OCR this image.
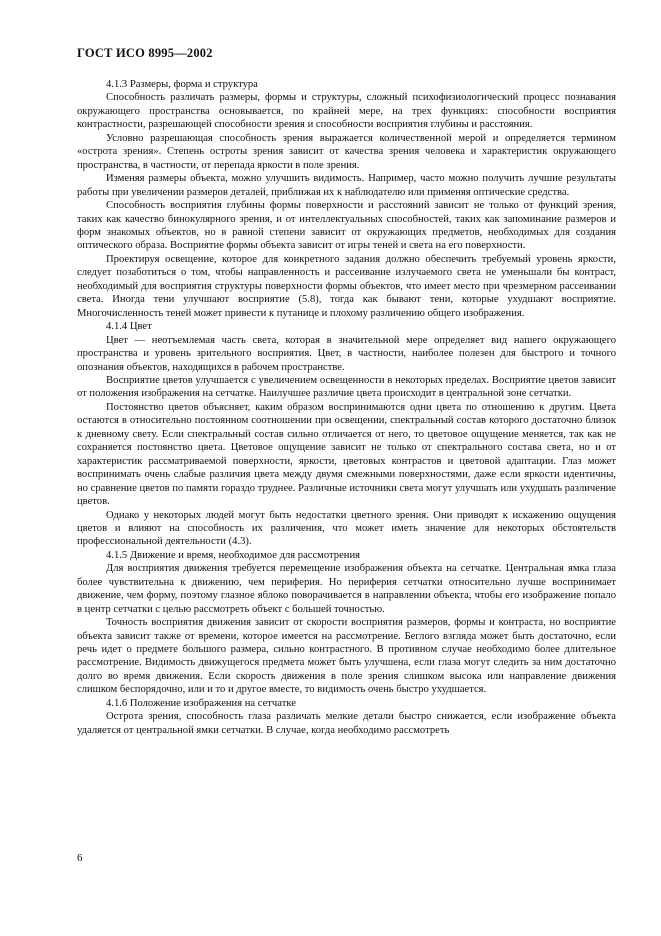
ГОСТ ИСО 8995—2002

4.1.3 Размеры, форма и структура

Способность различать размеры, формы и структуры, сложный психофизиологический процесс познавания окружающего пространства основывается, по крайней мере, на трех функциях: способности восприятия контрастности, разрешающей способности зрения и способности восприятия глубины и расстояния.

Условно разрешающая способность зрения выражается количественной мерой и определяется термином «острота зрения». Степень остроты зрения зависит от качества зрения человека и характеристик окружающего пространства, в частности, от перепада яркости в поле зрения.

Изменяя размеры объекта, можно улучшить видимость. Например, часто можно получить лучшие результаты работы при увеличении размеров деталей, приближая их к наблюдателю или применяя оптические средства.

Способность восприятия глубины формы поверхности и расстояний зависит не только от функций зрения, таких как качество бинокулярного зрения, и от интеллектуальных способностей, таких как запоминание размеров и форм знакомых объектов, но в равной степени зависит от окружающих предметов, необходимых для создания оптического образа. Восприятие формы объекта зависит от игры теней и света на его поверхности.

Проектируя освещение, которое для конкретного задания должно обеспечить требуемый уровень яркости, следует позаботиться о том, чтобы направленность и рассеивание излучаемого света не уменьшали бы контраст, необходимый для восприятия структуры поверхности формы объектов, что имеет место при чрезмерном рассеивании света. Иногда тени улучшают восприятие (5.8), тогда как бывают тени, которые ухудшают восприятие. Многочисленность теней может привести к путанице и плохому различению общего изображения.

4.1.4 Цвет

Цвет — неотъемлемая часть света, которая в значительной мере определяет вид нашего окружающего пространства и уровень зрительного восприятия. Цвет, в частности, наиболее полезен для быстрого и точного опознания объектов, находящихся в рабочем пространстве.

Восприятие цветов улучшается с увеличением освещенности в некоторых пределах. Восприятие цветов зависит от положения изображения на сетчатке. Наилучшее различие цвета происходит в центральной зоне сетчатки.

Постоянство цветов объясняет, каким образом воспринимаются одни цвета по отношению к другим. Цвета остаются в относительно постоянном соотношении при освещении, спектральный состав которого достаточно близок к дневному свету. Если спектральный состав сильно отличается от него, то цветовое ощущение меняется, так как не сохраняется постоянство цвета. Цветовое ощущение зависит не только от спектрального состава света, но и от характеристик рассматриваемой поверхности, яркости, цветовых контрастов и цветовой адаптации. Глаз может воспринимать очень слабые различия цвета между двумя смежными поверхностями, даже если яркости идентичны, но сравнение цветов по памяти гораздо труднее. Различные источники света могут улучшать или ухудшать различение цветов.

Однако у некоторых людей могут быть недостатки цветного зрения. Они приводят к искажению ощущения цветов и влияют на способность их различения, что может иметь значение для некоторых обстоятельств профессиональной деятельности (4.3).

4.1.5 Движение и время, необходимое для рассмотрения

Для восприятия движения требуется перемещение изображения объекта на сетчатке. Центральная ямка глаза более чувствительна к движению, чем периферия. Но периферия сетчатки относительно лучше воспринимает движение, чем форму, поэтому глазное яблоко поворачивается в направлении объекта, чтобы его изображение попало в центр сетчатки с целью рассмотреть объект с большей точностью.

Точность восприятия движения зависит от скорости восприятия размеров, формы и контраста, но восприятие объекта зависит также от времени, которое имеется на рассмотрение. Беглого взгляда может быть достаточно, если речь идет о предмете большого размера, сильно контрастного. В противном случае необходимо более длительное рассмотрение. Видимость движущегося предмета может быть улучшена, если глаза могут следить за ним достаточно долго во время движения. Если скорость движения в поле зрения слишком высока или направление движения слишком беспорядочно, или и то и другое вместе, то видимость очень быстро ухудшается.

4.1.6 Положение изображения на сетчатке

Острота зрения, способность глаза различать мелкие детали быстро снижается, если изображение объекта удаляется от центральной ямки сетчатки. В случае, когда необходимо рассмотреть

6
